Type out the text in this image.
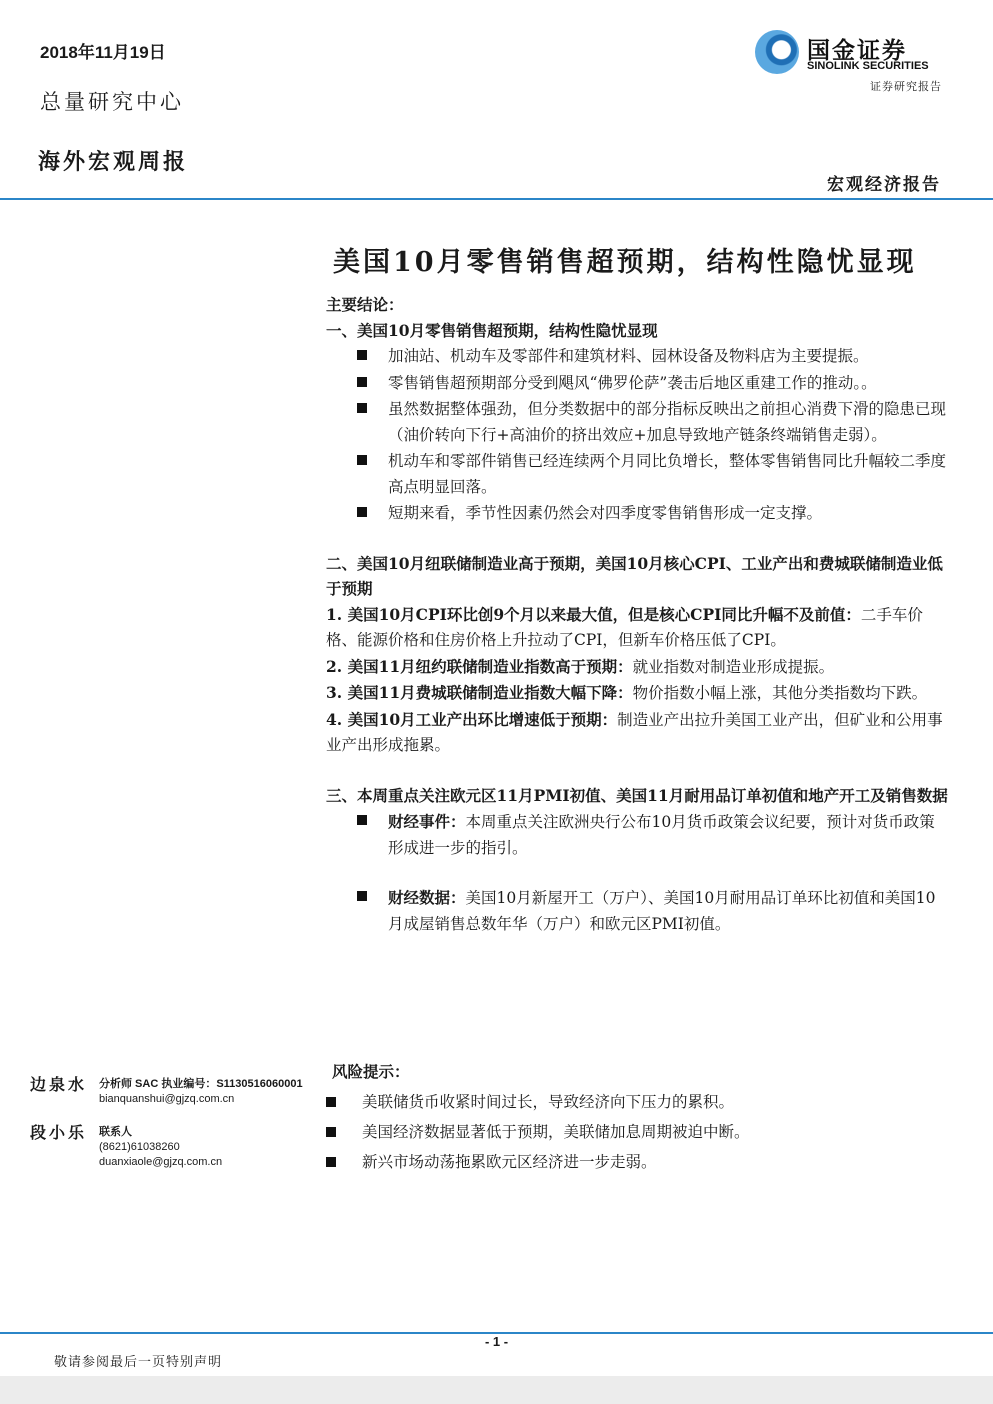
2018年11月19日
总量研究中心
海外宏观周报
国金证券
SINOLINK SECURITIES
证券研究报告
宏观经济报告
美国10月零售销售超预期，结构性隐忧显现
主要结论：
一、美国10月零售销售超预期，结构性隐忧显现
加油站、机动车及零部件和建筑材料、园林设备及物料店为主要提振。
零售销售超预期部分受到飓风“佛罗伦萨”袭击后地区重建工作的推动。。
虽然数据整体强劲，但分类数据中的部分指标反映出之前担心消费下滑的隐患已现（油价转向下行+高油价的挤出效应+加息导致地产链条终端销售走弱）。
机动车和零部件销售已经连续两个月同比负增长，整体零售销售同比升幅较二季度高点明显回落。
短期来看，季节性因素仍然会对四季度零售销售形成一定支撑。
二、美国10月纽联储制造业高于预期，美国10月核心CPI、工业产出和费城联储制造业低于预期
1. 美国10月CPI环比创9个月以来最大值，但是核心CPI同比升幅不及前值：二手车价格、能源价格和住房价格上升拉动了CPI，但新车价格压低了CPI。
2. 美国11月纽约联储制造业指数高于预期：就业指数对制造业形成提振。
3. 美国11月费城联储制造业指数大幅下降：物价指数小幅上涨，其他分类指数均下跌。
4. 美国10月工业产出环比增速低于预期：制造业产出拉升美国工业产出，但矿业和公用事业产出形成拖累。
三、本周重点关注欧元区11月PMI初值、美国11月耐用品订单初值和地产开工及销售数据
财经事件：本周重点关注欧洲央行公布10月货币政策会议纪要，预计对货币政策形成进一步的指引。
财经数据：美国10月新屋开工（万户）、美国10月耐用品订单环比初值和美国10月成屋销售总数年华（万户）和欧元区PMI初值。
边泉水 分析师 SAC 执业编号：S1130516060001
bianquanshui@gjzq.com.cn
段小乐 联系人
(8621)61038260
duanxiaole@gjzq.com.cn
风险提示：
美联储货币收紧时间过长，导致经济向下压力的累积。
美国经济数据显著低于预期，美联储加息周期被迫中断。
新兴市场动荡拖累欧元区经济进一步走弱。
- 1 -
敬请参阅最后一页特别声明
